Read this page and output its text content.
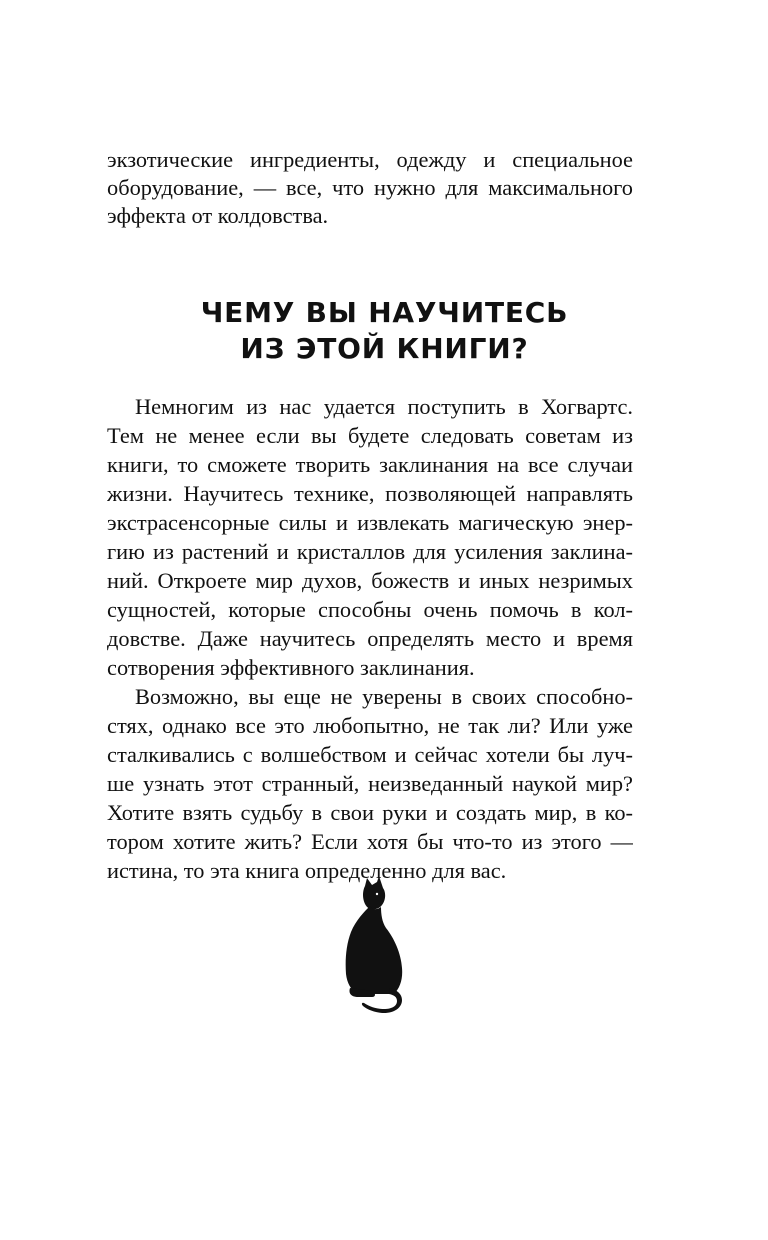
экзотические ингредиенты, одежду и специальное
оборудование, — все, что нужно для максимального
эффекта от колдовства.
ЧЕМУ ВЫ НАУЧИТЕСЬ
ИЗ ЭТОЙ КНИГИ?
Немногим из нас удается поступить в Хогвартс.
Тем не менее если вы будете следовать советам из
книги, то сможете творить заклинания на все случаи
жизни. Научитесь технике, позволяющей направлять
экстрасенсорные силы и извлекать магическую энер-
гию из растений и кристаллов для усиления заклина-
ний. Откроете мир духов, божеств и иных незримых
сущностей, которые способны очень помочь в кол-
довстве. Даже научитесь определять место и время
сотворения эффективного заклинания.
Возможно, вы еще не уверены в своих способно-
стях, однако все это любопытно, не так ли? Или уже
сталкивались с волшебством и сейчас хотели бы луч-
ше узнать этот странный, неизведанный наукой мир?
Хотите взять судьбу в свои руки и создать мир, в ко-
тором хотите жить? Если хотя бы что-то из этого —
истина, то эта книга определенно для вас.
